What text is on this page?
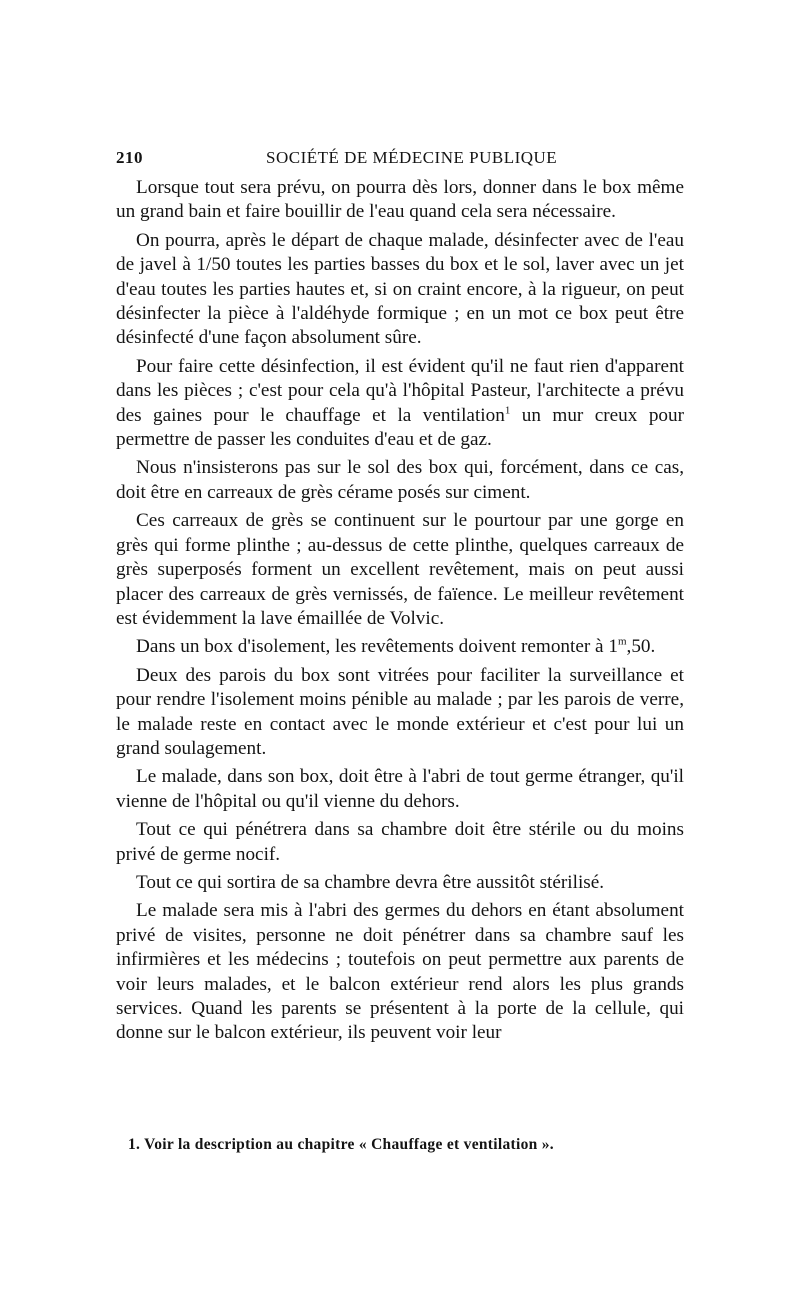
210	SOCIÉTÉ DE MÉDECINE PUBLIQUE

Lorsque tout sera prévu, on pourra dès lors, donner dans le box même un grand bain et faire bouillir de l'eau quand cela sera nécessaire.

On pourra, après le départ de chaque malade, désinfecter avec de l'eau de javel à 1/50 toutes les parties basses du box et le sol, laver avec un jet d'eau toutes les parties hautes et, si on craint encore, à la rigueur, on peut désinfecter la pièce à l'aldéhyde formique ; en un mot ce box peut être désinfecté d'une façon absolument sûre.

Pour faire cette désinfection, il est évident qu'il ne faut rien d'apparent dans les pièces ; c'est pour cela qu'à l'hôpital Pasteur, l'architecte a prévu des gaines pour le chauffage et la ventilation$^1$ un mur creux pour permettre de passer les conduites d'eau et de gaz.

Nous n'insisterons pas sur le sol des box qui, forcément, dans ce cas, doit être en carreaux de grès cérame posés sur ciment.

Ces carreaux de grès se continuent sur le pourtour par une gorge en grès qui forme plinthe ; au-dessus de cette plinthe, quelques carreaux de grès superposés forment un excellent revêtement, mais on peut aussi placer des carreaux de grès vernissés, de faïence. Le meilleur revêtement est évidemment la lave émaillée de Volvic.

Dans un box d'isolement, les revêtements doivent remonter à 1$^m$,50.

Deux des parois du box sont vitrées pour faciliter la surveillance et pour rendre l'isolement moins pénible au malade ; par les parois de verre, le malade reste en contact avec le monde extérieur et c'est pour lui un grand soulagement.

Le malade, dans son box, doit être à l'abri de tout germe étranger, qu'il vienne de l'hôpital ou qu'il vienne du dehors.

Tout ce qui pénétrera dans sa chambre doit être stérile ou du moins privé de germe nocif.

Tout ce qui sortira de sa chambre devra être aussitôt stérilisé.

Le malade sera mis à l'abri des germes du dehors en étant absolument privé de visites, personne ne doit pénétrer dans sa chambre sauf les infirmières et les médecins ; toutefois on peut permettre aux parents de voir leurs malades, et le balcon extérieur rend alors les plus grands services. Quand les parents se présentent à la porte de la cellule, qui donne sur le balcon extérieur, ils peuvent voir leur

1. Voir la description au chapitre « Chauffage et ventilation ».
